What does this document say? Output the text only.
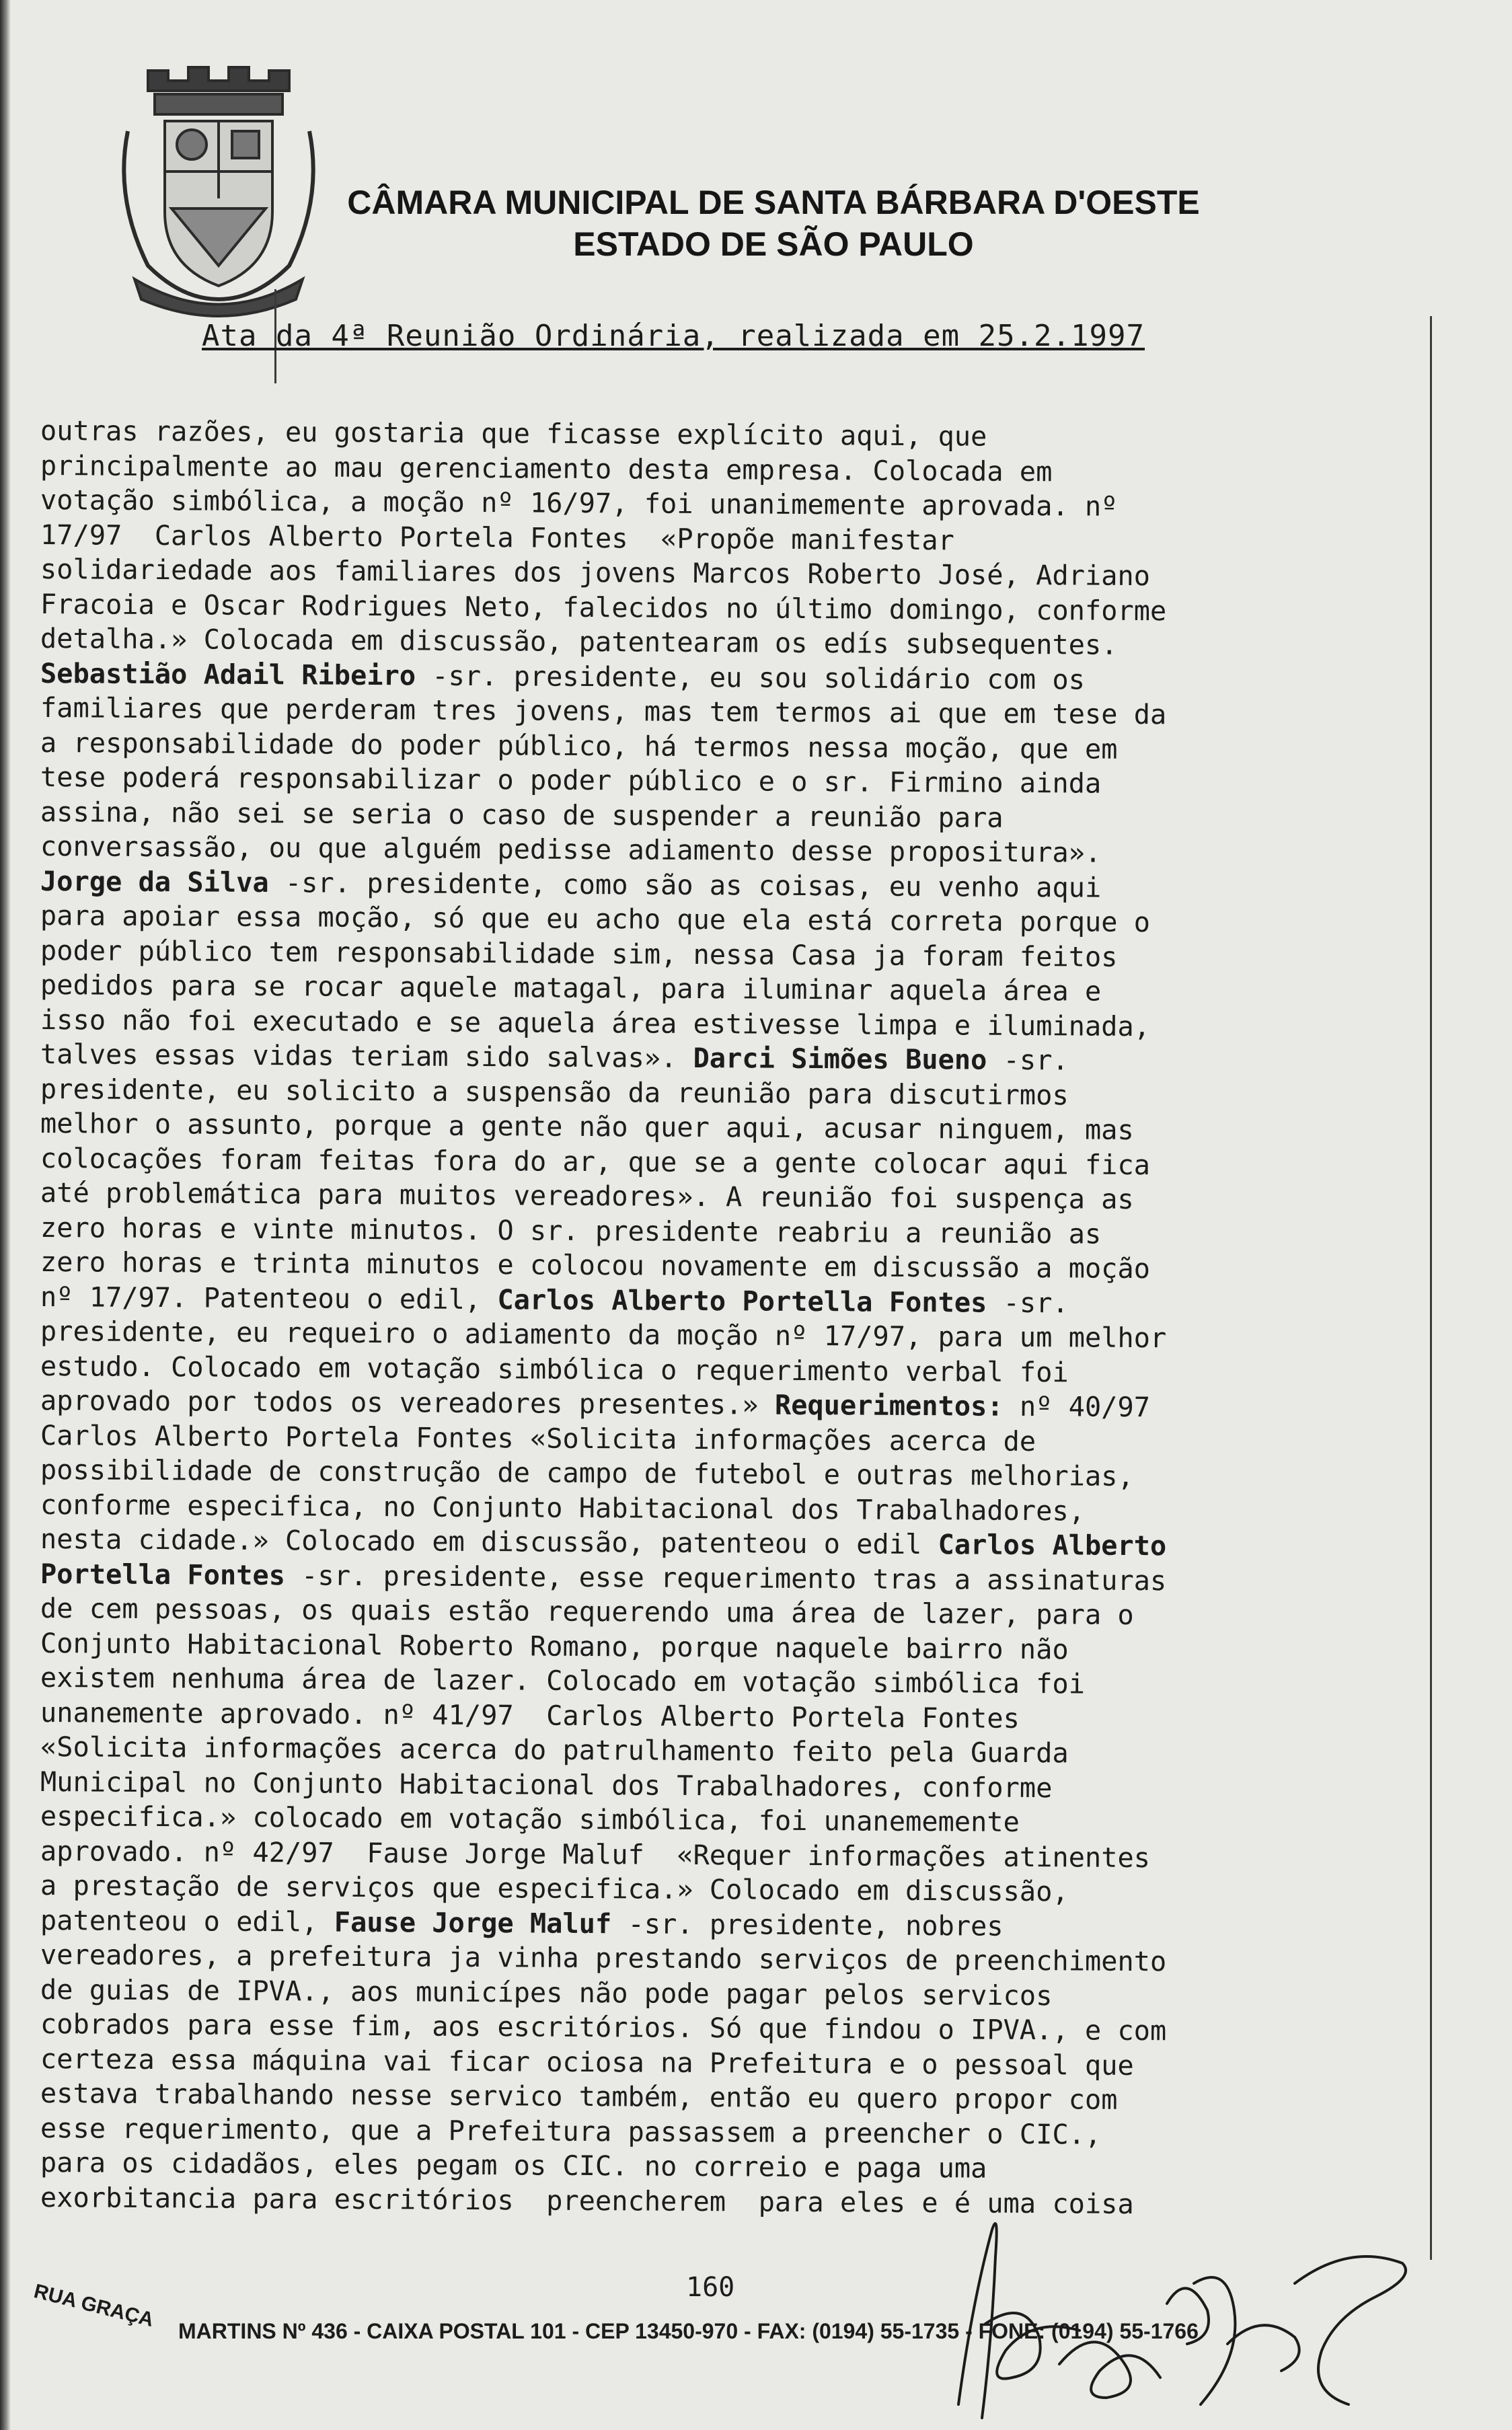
CÂMARA MUNICIPAL DE SANTA BÁRBARA D'OESTE
ESTADO DE SÃO PAULO
Ata da 4ª Reunião Ordinária, realizada em 25.2.1997
outras razões, eu gostaria que ficasse explícito aqui, que
principalmente ao mau gerenciamento desta empresa. Colocada em
votação simbólica, a moção nº 16/97, foi unanimemente aprovada. nº
17/97  Carlos Alberto Portela Fontes  «Propõe manifestar
solidariedade aos familiares dos jovens Marcos Roberto José, Adriano
Fracoia e Oscar Rodrigues Neto, falecidos no último domingo, conforme
detalha.» Colocada em discussão, patentearam os edís subsequentes.
Sebastião Adail Ribeiro -sr. presidente, eu sou solidário com os
familiares que perderam tres jovens, mas tem termos ai que em tese da
a responsabilidade do poder público, há termos nessa moção, que em
tese poderá responsabilizar o poder público e o sr. Firmino ainda
assina, não sei se seria o caso de suspender a reunião para
conversassão, ou que alguém pedisse adiamento desse propositura».
Jorge da Silva -sr. presidente, como são as coisas, eu venho aqui
para apoiar essa moção, só que eu acho que ela está correta porque o
poder público tem responsabilidade sim, nessa Casa ja foram feitos
pedidos para se rocar aquele matagal, para iluminar aquela área e
isso não foi executado e se aquela área estivesse limpa e iluminada,
talves essas vidas teriam sido salvas». Darci Simões Bueno -sr.
presidente, eu solicito a suspensão da reunião para discutirmos
melhor o assunto, porque a gente não quer aqui, acusar ninguem, mas
colocações foram feitas fora do ar, que se a gente colocar aqui fica
até problemática para muitos vereadores». A reunião foi suspença as
zero horas e vinte minutos. O sr. presidente reabriu a reunião as
zero horas e trinta minutos e colocou novamente em discussão a moção
nº 17/97. Patenteou o edil, Carlos Alberto Portella Fontes -sr.
presidente, eu requeiro o adiamento da moção nº 17/97, para um melhor
estudo. Colocado em votação simbólica o requerimento verbal foi
aprovado por todos os vereadores presentes.» Requerimentos: nº 40/97
Carlos Alberto Portela Fontes «Solicita informações acerca de
possibilidade de construção de campo de futebol e outras melhorias,
conforme especifica, no Conjunto Habitacional dos Trabalhadores,
nesta cidade.» Colocado em discussão, patenteou o edil Carlos Alberto
Portella Fontes -sr. presidente, esse requerimento tras a assinaturas
de cem pessoas, os quais estão requerendo uma área de lazer, para o
Conjunto Habitacional Roberto Romano, porque naquele bairro não
existem nenhuma área de lazer. Colocado em votação simbólica foi
unanemente aprovado. nº 41/97  Carlos Alberto Portela Fontes
«Solicita informações acerca do patrulhamento feito pela Guarda
Municipal no Conjunto Habitacional dos Trabalhadores, conforme
especifica.» colocado em votação simbólica, foi unanemementе
aprovado. nº 42/97  Fause Jorge Maluf  «Requer informações atinentes
a prestação de serviços que especifica.» Colocado em discussão,
patenteou o edil, Fause Jorge Maluf -sr. presidente, nobres
vereadores, a prefeitura ja vinha prestando serviços de preenchimento
de guias de IPVA., aos municípes não pode pagar pelos servicos
cobrados para esse fim, aos escritórios. Só que findou o IPVA., e com
certeza essa máquina vai ficar ociosa na Prefeitura e o pessoal que
estava trabalhando nesse servico também, então eu quero propor com
esse requerimento, que a Prefeitura passassem a preencher o CIC.,
para os cidadãos, eles pegam os CIC. no correio e paga uma
exorbitancia para escritórios  preencherem  para eles e é uma coisa
160
RUA GRAÇA MARTINS Nº 436 - CAIXA POSTAL 101 - CEP 13450-970 - FAX: (0194) 55-1735 - FONE: (0194) 55-1766
